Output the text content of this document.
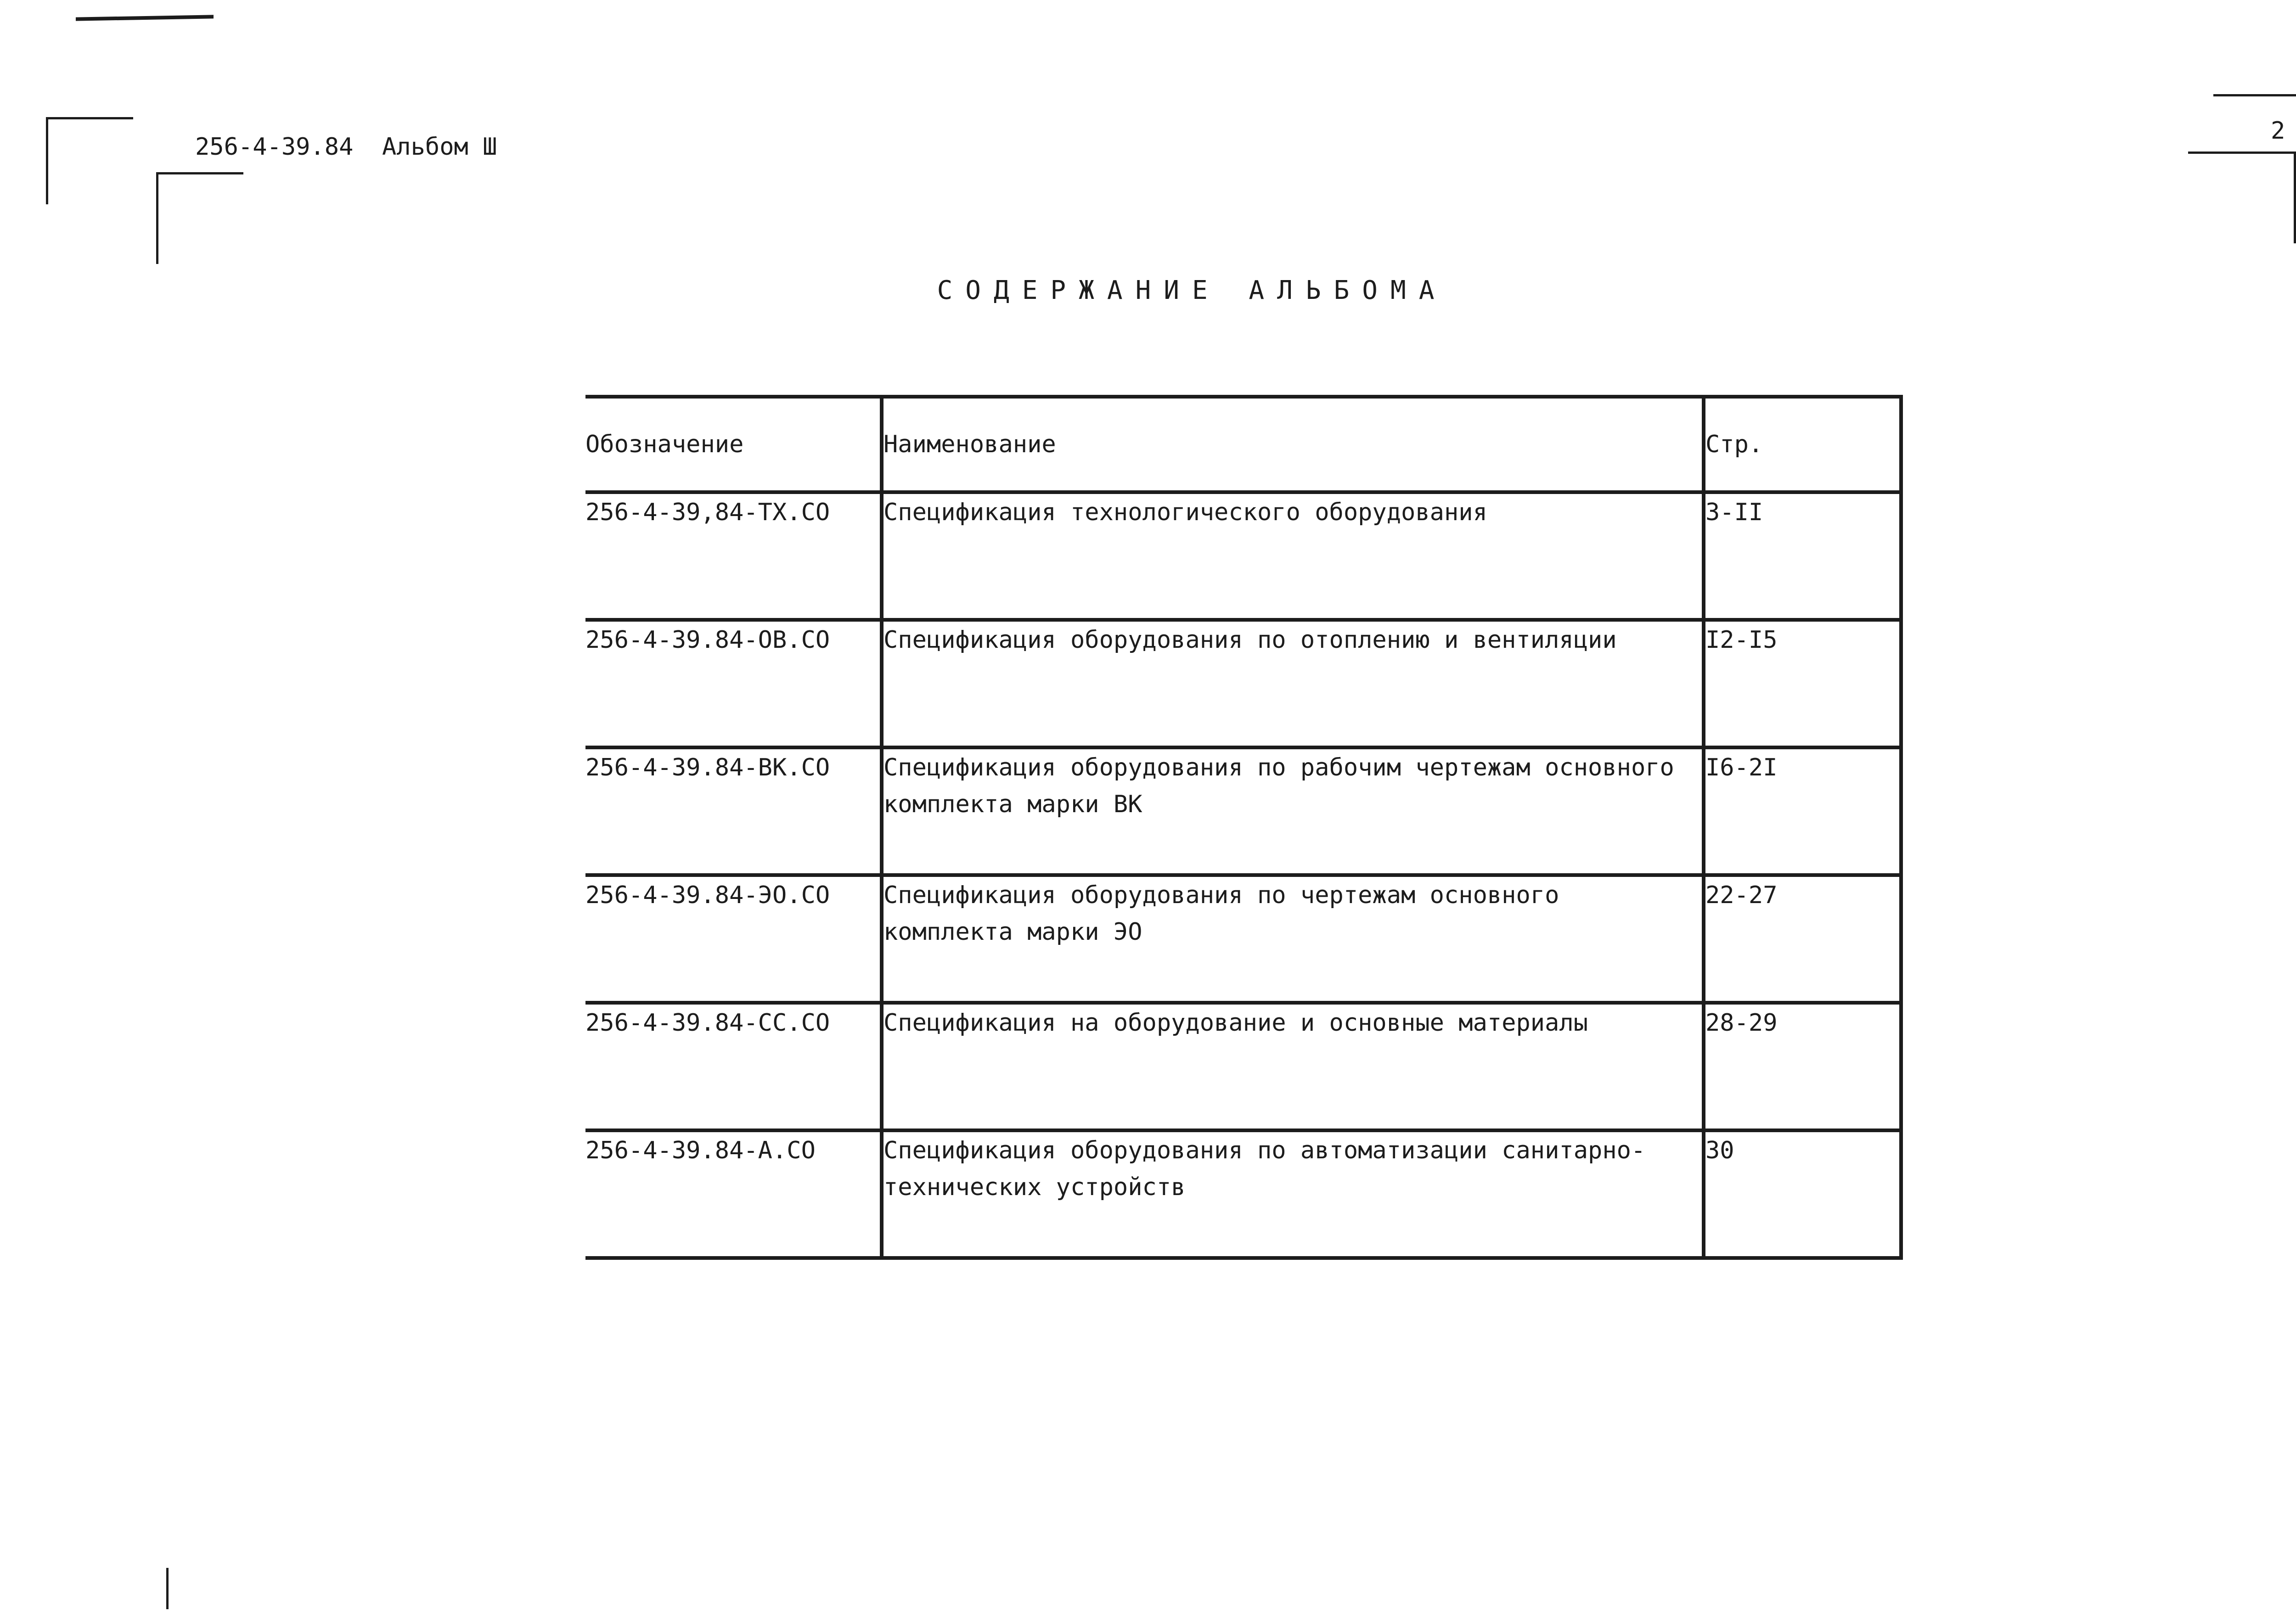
256-4-39.84 Альбом Ш
2
СОДЕРЖАНИЕ АЛЬБОМА
Обозначение	Наименование	Стр.
256-4-39,84-ТХ.СО	Спецификация технологического оборудования	3-II
256-4-39.84-ОВ.СО	Спецификация оборудования по отоплению и вентиляции	I2-I5
256-4-39.84-ВК.СО	Спецификация оборудования по рабочим чертежам основного комплекта марки ВК	I6-2I
256-4-39.84-ЭО.СО	Спецификация оборудования по чертежам основного комплекта марки ЭО	22-27
256-4-39.84-СС.СО	Спецификация на оборудование и основные материалы	28-29
256-4-39.84-А.СО	Спецификация оборудования по автоматизации санитарно-технических устройств	30
